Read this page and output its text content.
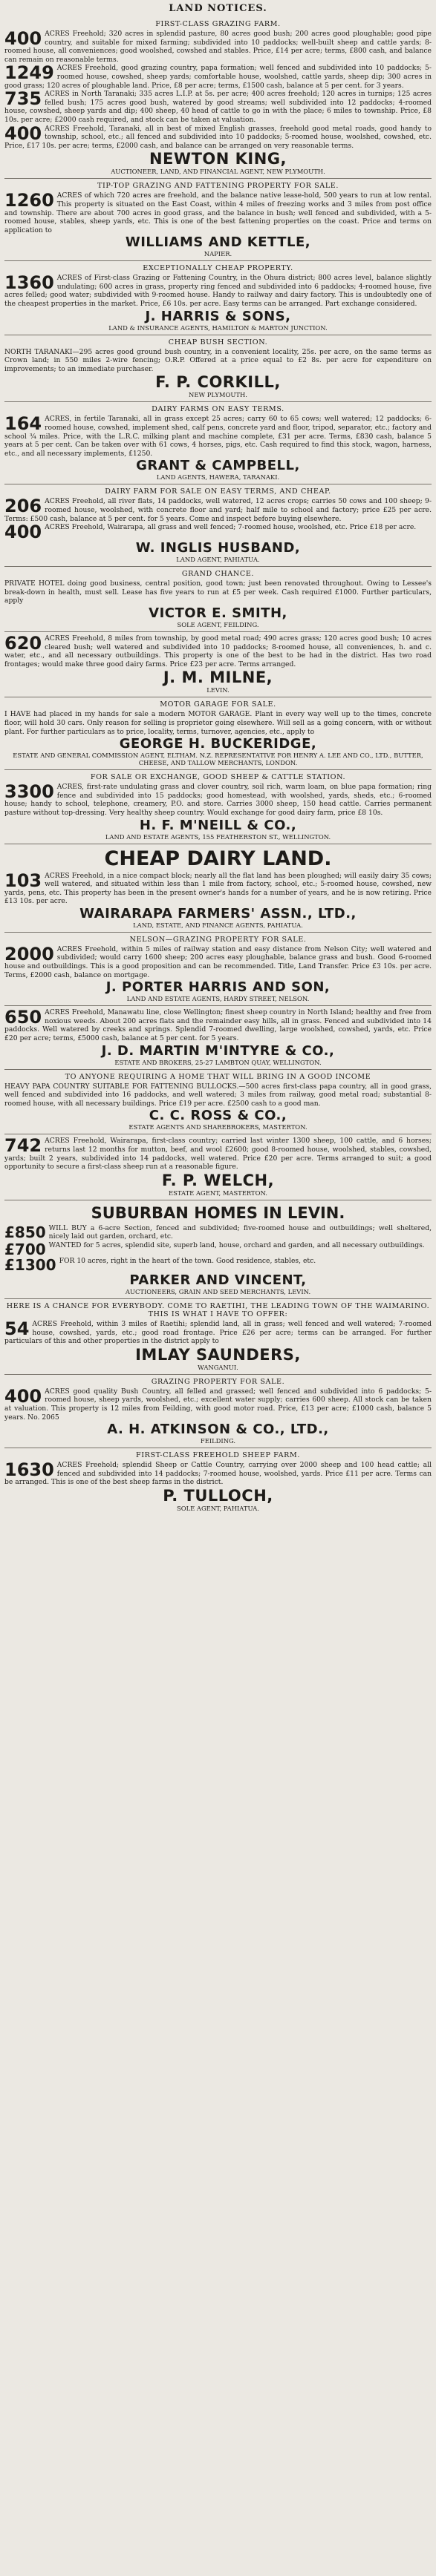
LAND NOTICES.
FIRST-CLASS GRAZING FARM.

400 ACRES Freehold; 320 acres in splendid pasture, 80 acres good bush; 200 acres good ploughable; good pipe country, and suitable for mixed farming; subdivided into 10 paddocks; well-built sheep and cattle yards; 8-roomed house, all conveniences; good woolshed, cowshed and stables. Price, £14 per acre; terms, £800 cash, and balance can remain on reasonable terms.

1249 ACRES Freehold, good grazing country, papa formation; well fenced and subdivided into 10 paddocks; 5-roomed house, cowshed, sheep yards; comfortable house, woolshed, cattle yards, sheep dip; 300 acres in good grass; 120 acres of ploughable land. Price, £8 per acre; terms, £1500 cash, balance at 5 per cent. for 3 years.

735 ACRES in North Taranaki; 335 acres L.I.P. at 5s. per acre; 400 acres freehold; 120 acres in turnips; 125 acres felled bush; 175 acres good bush, watered by good streams; well subdivided into 12 paddocks; 4-roomed house, cowshed, sheep yards and dip; 400 sheep, 40 head of cattle to go in with the place; 6 miles to township. Price, £8 10s. per acre; £2000 cash required, and stock can be taken at valuation.

400 ACRES Freehold, Taranaki, all in best of mixed English grasses, freehold good metal roads, good handy to township, school, etc.; all fenced and subdivided into 10 paddocks; 5-roomed house, woolshed, cowshed, etc. Price, £17 10s. per acre; terms, £2000 cash, and balance can be arranged on very reasonable terms.

NEWTON KING,
AUCTIONEER, LAND, AND FINANCIAL AGENT, NEW PLYMOUTH.
TIP-TOP GRAZING AND FATTENING PROPERTY FOR SALE.

1260 ACRES of which 720 acres are freehold, and the balance native lease-hold, 500 years to run at low rental. This property is situated on the East Coast, within 4 miles of freezing works and 3 miles from post office and township. There are about 700 acres in good grass, and the balance in bush; well fenced and subdivided, with a 5-roomed house, stables, sheep yards, etc. This is one of the best fattening properties on the coast. Price and terms on application to

WILLIAMS AND KETTLE,
NAPIER.
EXCEPTIONALLY CHEAP PROPERTY.

1360 ACRES of First-class Grazing or Fattening Country, in the Ohura district; 800 acres level, balance slightly undulating; 600 acres in grass, property ring fenced and subdivided into 6 paddocks; 4-roomed house, five acres felled; good water; subdivided with 9-roomed house. Handy to railway and dairy factory. This is undoubtedly one of the cheapest properties in the market. Price, £6 10s. per acre. Easy terms can be arranged. Part exchange considered.

J. HARRIS & SONS,
LAND & INSURANCE AGENTS, HAMILTON & MARTON JUNCTION.
CHEAP BUSH SECTION.

NORTH TARANAKI—295 acres good ground bush country, in a convenient locality, 25s. per acre, on the same terms as Crown land; in 550 miles 2-wire fencing; O.R.P. Offered at a price equal to £2 8s. per acre for expenditure on improvements; to an immediate purchaser.

F. P. CORKILL,
NEW PLYMOUTH.
DAIRY FARMS ON EASY TERMS.

164 ACRES, in fertile Taranaki, all in grass except 25 acres; carry 60 to 65 cows; well watered; 12 paddocks; 6-roomed house, cowshed, implement shed, calf pens, concrete yard and floor, tripod, separator, etc.; factory and school ¾ miles. Price, with the L.R.C. milking plant and machine complete, £31 per acre. Terms, £830 cash, balance 5 years at 5 per cent. Can be taken over with 61 cows, 4 horses, pigs, etc. Cash required to find this stock, wagon, harness, etc., and all necessary implements, £1250.

GRANT & CAMPBELL,
LAND AGENTS, HAWERA, TARANAKI.
DAIRY FARM FOR SALE ON EASY TERMS, AND CHEAP.

206 ACRES Freehold, all river flats, 14 paddocks, well watered, 12 acres crops; carries 50 cows and 100 sheep; 9-roomed house, woolshed, with concrete floor and yard; half mile to school and factory; price £25 per acre. Terms: £500 cash, balance at 5 per cent. for 5 years. Come and inspect before buying elsewhere.

400 ACRES Freehold, Wairarapa, all grass and well fenced; 7-roomed house, woolshed, etc. Price £18 per acre.

W. INGLIS HUSBAND,
LAND AGENT, PAHIATUA.
GRAND CHANCE.

PRIVATE HOTEL doing good business, central position, good town; just been renovated throughout. Owing to Lessee's break-down in health, must sell. Lease has five years to run at £5 per week. Cash required £1000. Further particulars, apply

VICTOR E. SMITH,
SOLE AGENT, FEILDING.

620 ACRES Freehold, 8 miles from township, by good metal road; 490 acres grass; 120 acres good bush; 10 acres cleared bush; well watered and subdivided into 10 paddocks; 8-roomed house, all conveniences, h. and c. water, etc., and all necessary outbuildings. This property is one of the best to be had in the district. Has two road frontages; would make three good dairy farms. Price £23 per acre. Terms arranged.

J. M. MILNE,
LEVIN.
MOTOR GARAGE FOR SALE.

I HAVE had placed in my hands for sale a modern MOTOR GARAGE. Plant in every way well up to the times, concrete floor, will hold 30 cars. Only reason for selling is proprietor going elsewhere. Will sell as a going concern, with or without plant. For further particulars as to price, locality, terms, turnover, agencies, etc., apply to

GEORGE H. BUCKERIDGE,
ESTATE AND GENERAL COMMISSION AGENT, ELTHAM. N.Z. REPRESENTATIVE FOR HENRY A. LEE AND CO., LTD., BUTTER, CHEESE, AND TALLOW MERCHANTS, LONDON.
FOR SALE OR EXCHANGE, GOOD SHEEP & CATTLE STATION.

3300 ACRES, first-rate undulating grass and clover country, soil rich, warm loam, on blue papa formation; ring fence and subdivided into 15 paddocks; good homestead, with woolshed, yards, sheds, etc.; 6-roomed house; handy to school, telephone, creamery, P.O. and store. Carries 3000 sheep, 150 head cattle. Carries permanent pasture without top-dressing. Very healthy sheep country. Would exchange for good dairy farm, price £8 10s.

H. F. M'NEILL & CO.,
LAND AND ESTATE AGENTS, 155 FEATHERSTON ST., WELLINGTON.
CHEAP DAIRY LAND.

103 ACRES Freehold, in a nice compact block; nearly all the flat land has been ploughed; will easily dairy 35 cows; well watered, and situated within less than 1 mile from factory, school, etc.; 5-roomed house, cowshed, new yards, pens, etc. This property has been in the present owner's hands for a number of years, and he is now retiring. Price £13 10s. per acre.

WAIRARAPA FARMERS' ASSN., LTD.,
LAND, ESTATE, AND FINANCE AGENTS, PAHIATUA.
NELSON—GRAZING PROPERTY FOR SALE.

2000 ACRES Freehold, within 5 miles of railway station and easy distance from Nelson City; well watered and subdivided; would carry 1600 sheep; 200 acres easy ploughable, balance grass and bush. Good 6-roomed house and outbuildings. This is a good proposition and can be recommended. Title, Land Transfer. Price £3 10s. per acre. Terms, £2000 cash, balance on mortgage.

J. PORTER HARRIS AND SON,
LAND AND ESTATE AGENTS, HARDY STREET, NELSON.

650 ACRES Freehold, Manawatu line, close Wellington; finest sheep country in North Island; healthy and free from noxious weeds. About 200 acres flats and the remainder easy hills, all in grass. Fenced and subdivided into 14 paddocks. Well watered by creeks and springs. Splendid 7-roomed dwelling, large woolshed, cowshed, yards, etc. Price £20 per acre; terms, £5000 cash, balance at 5 per cent. for 5 years.

J. D. MARTIN M'INTYRE & CO.,
ESTATE AND BROKERS, 25-27 LAMBTON QUAY, WELLINGTON.
TO ANYONE REQUIRING A HOME THAT WILL BRING IN A GOOD INCOME

HEAVY PAPA COUNTRY SUITABLE FOR FATTENING BULLOCKS.—500 acres first-class papa country, all in good grass, well fenced and subdivided into 16 paddocks, and well watered; 3 miles from railway, good metal road; substantial 8-roomed house, with all necessary buildings. Price £19 per acre. £2500 cash to a good man.

C. C. ROSS & CO.,
ESTATE AGENTS AND SHAREBROKERS, MASTERTON.

742 ACRES Freehold, Wairarapa, first-class country; carried last winter 1300 sheep, 100 cattle, and 6 horses; returns last 12 months for mutton, beef, and wool £2600; good 8-roomed house, woolshed, stables, cowshed, yards; built 2 years, subdivided into 14 paddocks, well watered. Price £20 per acre. Terms arranged to suit; a good opportunity to secure a first-class sheep run at a reasonable figure.

F. P. WELCH,
ESTATE AGENT, MASTERTON.
SUBURBAN HOMES IN LEVIN.

£850 WILL BUY a 6-acre Section, fenced and subdivided; five-roomed house and outbuildings; well sheltered, nicely laid out garden, orchard, etc.

£700 WANTED for 5 acres, splendid site, superb land, house, orchard and garden, and all necessary outbuildings.

£1300 FOR 10 acres, right in the heart of the town. Good residence, stables, etc.

PARKER AND VINCENT,
AUCTIONEERS, GRAIN AND SEED MERCHANTS, LEVIN.
HERE IS A CHANCE FOR EVERYBODY. COME TO RAETIHI, THE LEADING TOWN OF THE WAIMARINO. THIS IS WHAT I HAVE TO OFFER:

54 ACRES Freehold, within 3 miles of Raetihi; splendid land, all in grass; well fenced and well watered; 7-roomed house, cowshed, yards, etc.; good road frontage. Price £26 per acre; terms can be arranged. For further particulars of this and other properties in the district apply to

IMLAY SAUNDERS,
WANGANUI.
GRAZING PROPERTY FOR SALE.

400 ACRES good quality Bush Country, all felled and grassed; well fenced and subdivided into 6 paddocks; 5-roomed house, sheep yards, woolshed, etc.; excellent water supply; carries 600 sheep. All stock can be taken at valuation. This property is 12 miles from Feilding, with good motor road. Price, £13 per acre; £1000 cash, balance 5 years. No. 2065

A. H. ATKINSON & CO., LTD.,
FEILDING.
FIRST-CLASS FREEHOLD SHEEP FARM.

1630 ACRES Freehold; splendid Sheep or Cattle Country, carrying over 2000 sheep and 100 head cattle; all fenced and subdivided into 14 paddocks; 7-roomed house, woolshed, yards. Price £11 per acre. Terms can be arranged. This is one of the best sheep farms in the district.

P. TULLOCH,
SOLE AGENT, PAHIATUA.
